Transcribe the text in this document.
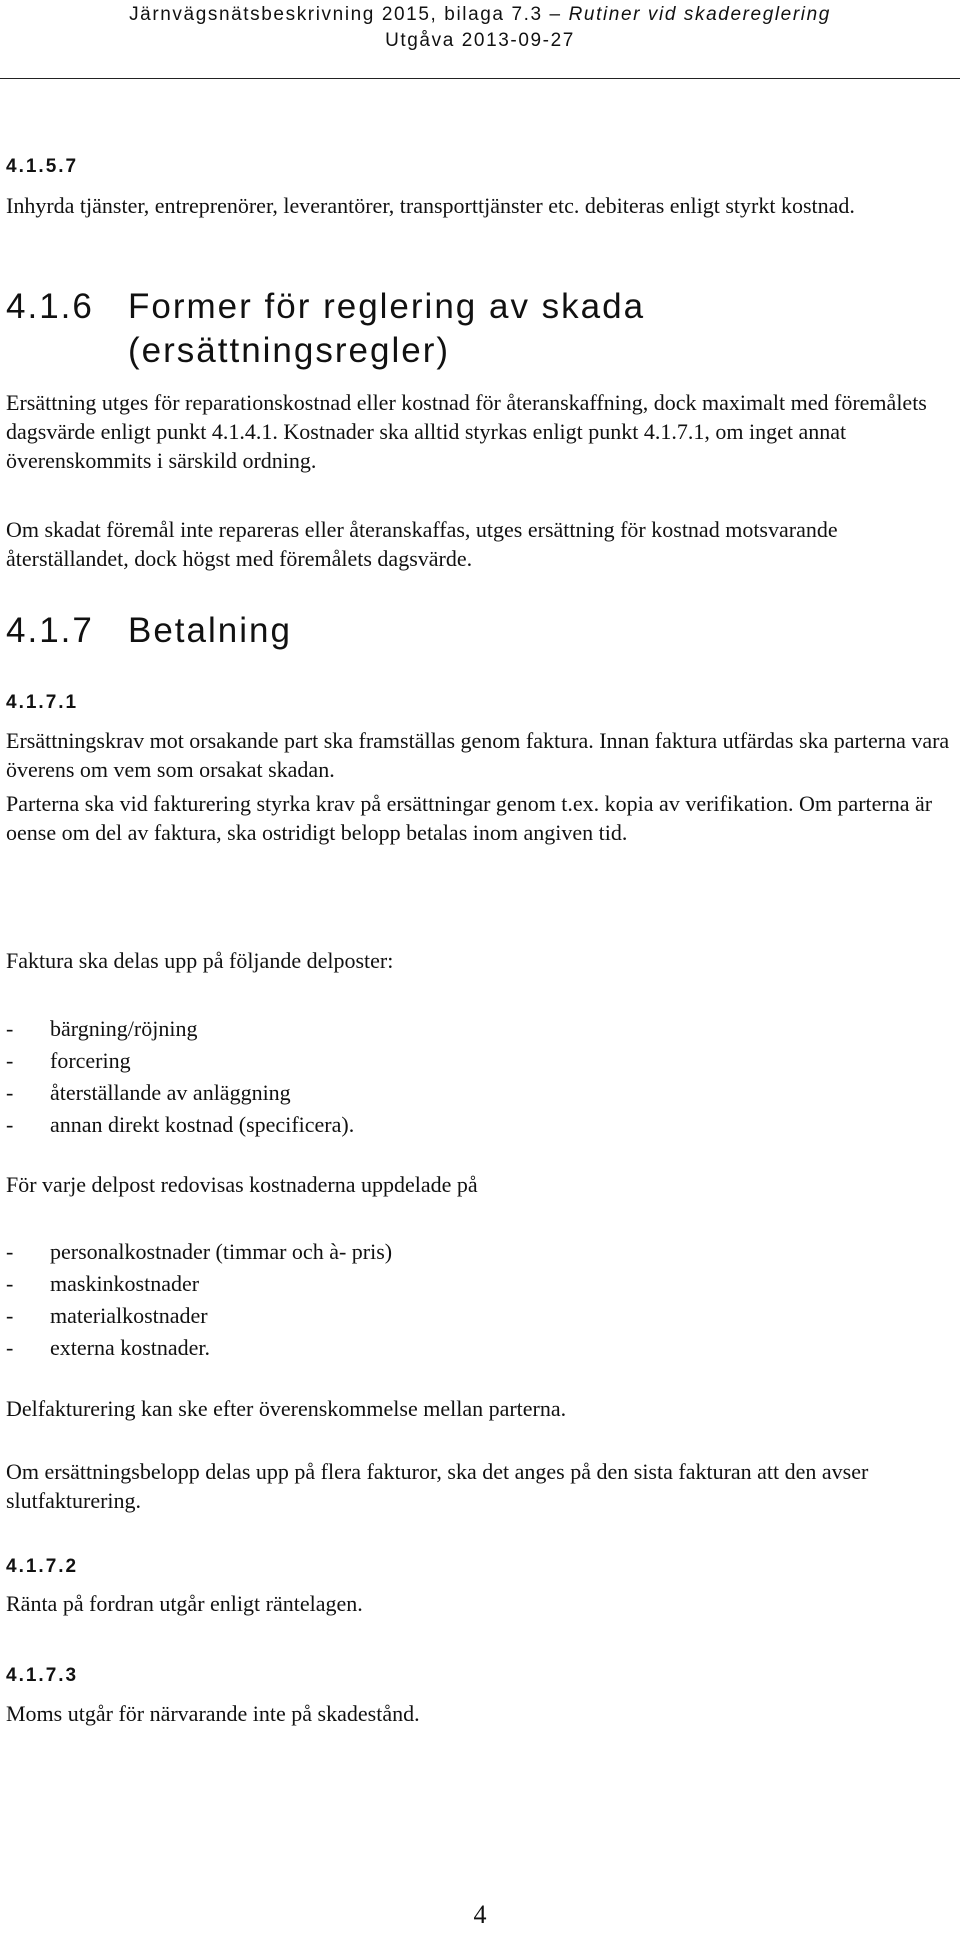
Järnvägsnätsbeskrivning 2015, bilaga 7.3 – Rutiner vid skadereglering
Utgåva 2013-09-27
4.1.5.7
Inhyrda tjänster, entreprenörer, leverantörer, transporttjänster etc. debiteras enligt styrkt kostnad.
4.1.6 Former för reglering av skada
(ersättningsregler)
Ersättning utges för reparationskostnad eller kostnad för återanskaffning, dock maximalt med föremålets dagsvärde enligt punkt 4.1.4.1. Kostnader ska alltid styrkas enligt punkt 4.1.7.1, om inget annat överenskommits i särskild ordning.
Om skadat föremål inte repareras eller återanskaffas, utges ersättning för kostnad motsvarande återställandet, dock högst med föremålets dagsvärde.
4.1.7 Betalning
4.1.7.1
Ersättningskrav mot orsakande part ska framställas genom faktura. Innan faktura utfärdas ska parterna vara överens om vem som orsakat skadan.
Parterna ska vid fakturering styrka krav på ersättningar genom t.ex. kopia av verifikation. Om parterna är oense om del av faktura, ska ostridigt belopp betalas inom angiven tid.
Faktura ska delas upp på följande delposter:
-	bärgning/röjning
-	forcering
-	återställande av anläggning
-	annan direkt kostnad (specificera).
För varje delpost redovisas kostnaderna uppdelade på
-	personalkostnader (timmar och à- pris)
-	maskinkostnader
-	materialkostnader
-	externa kostnader.
Delfakturering kan ske efter överenskommelse mellan parterna.
Om ersättningsbelopp delas upp på flera fakturor, ska det anges på den sista fakturan att den avser slutfakturering.
4.1.7.2
Ränta på fordran utgår enligt räntelagen.
4.1.7.3
Moms utgår för närvarande inte på skadestånd.
4
